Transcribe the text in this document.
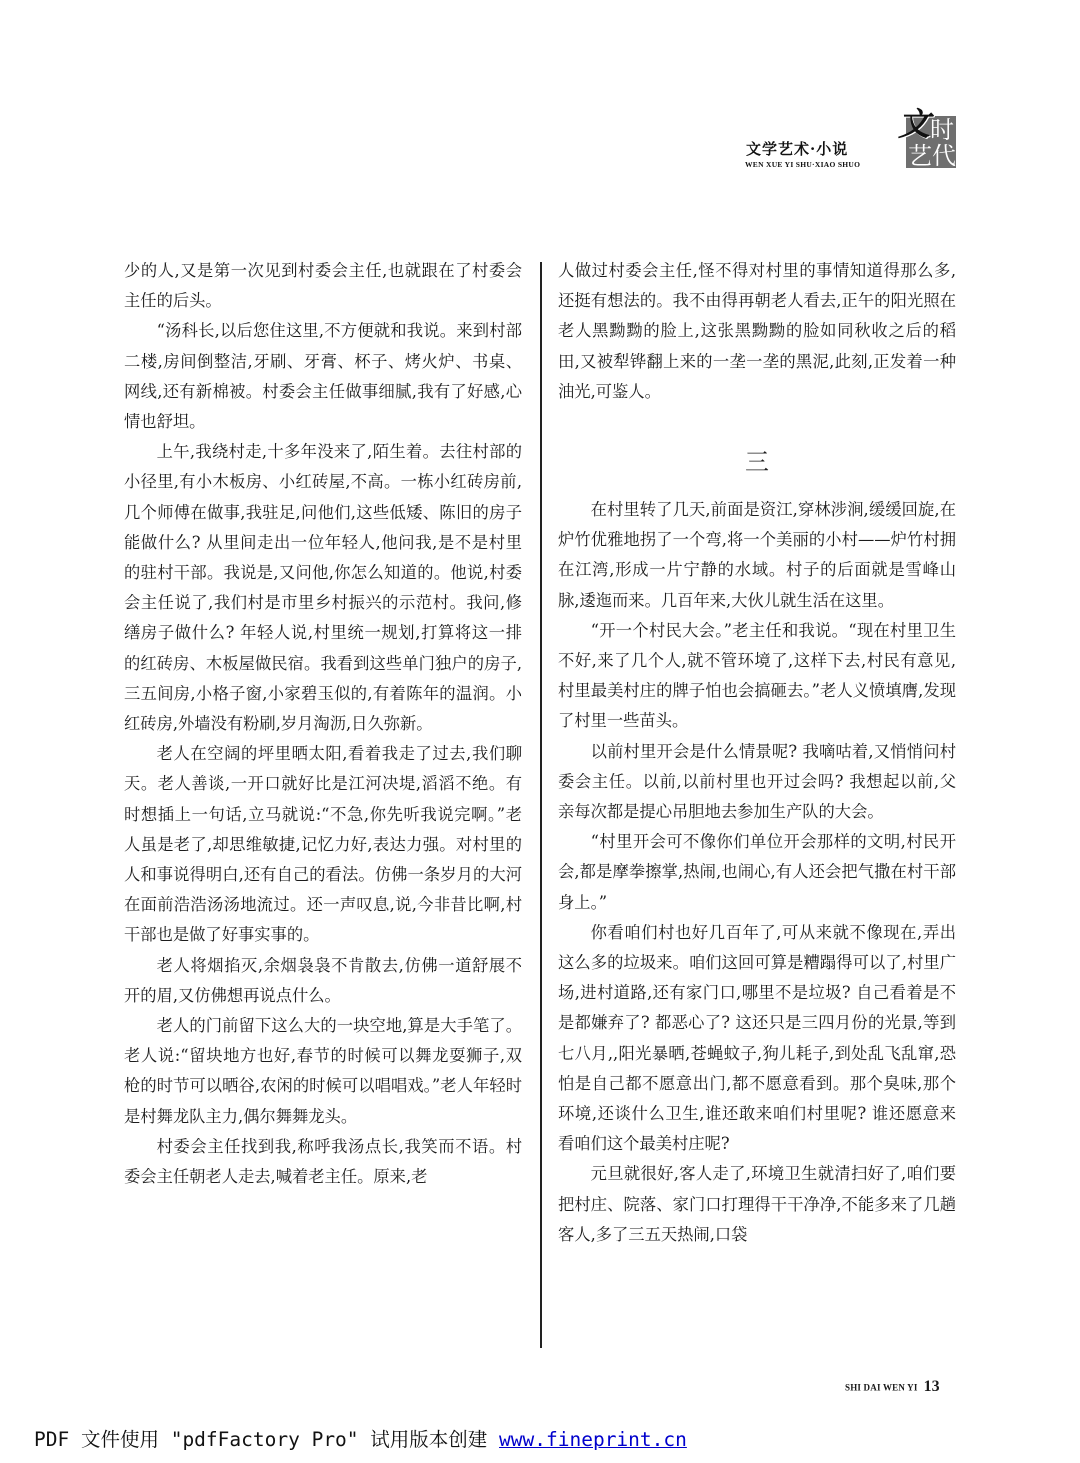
文学艺术·小说
WEN XUE YI SHU·XIAO SHUO
文 时
艺 代

少的人,又是第一次见到村委会主任,也就跟在了村委会主任的后头。

“汤科长,以后您住这里,不方便就和我说。来到村部二楼,房间倒整洁,牙刷、牙膏、杯子、烤火炉、书桌、网线,还有新棉被。村委会主任做事细腻,我有了好感,心情也舒坦。

上午,我绕村走,十多年没来了,陌生着。去往村部的小径里,有小木板房、小红砖屋,不高。一栋小红砖房前,几个师傅在做事,我驻足,问他们,这些低矮、陈旧的房子能做什么? 从里间走出一位年轻人,他问我,是不是村里的驻村干部。我说是,又问他,你怎么知道的。他说,村委会主任说了,我们村是市里乡村振兴的示范村。我问,修缮房子做什么? 年轻人说,村里统一规划,打算将这一排的红砖房、木板屋做民宿。我看到这些单门独户的房子,三五间房,小格子窗,小家碧玉似的,有着陈年的温润。小红砖房,外墙没有粉刷,岁月淘沥,日久弥新。

老人在空阔的坪里晒太阳,看着我走了过去,我们聊天。老人善谈,一开口就好比是江河决堤,滔滔不绝。有时想插上一句话,立马就说:“不急,你先听我说完啊。”老人虽是老了,却思维敏捷,记忆力好,表达力强。对村里的人和事说得明白,还有自己的看法。仿佛一条岁月的大河在面前浩浩汤汤地流过。还一声叹息,说,今非昔比啊,村干部也是做了好事实事的。

老人将烟掐灭,余烟袅袅不肯散去,仿佛一道舒展不开的眉,又仿佛想再说点什么。

老人的门前留下这么大的一块空地,算是大手笔了。老人说:“留块地方也好,春节的时候可以舞龙耍狮子,双枪的时节可以晒谷,农闲的时候可以唱唱戏。”老人年轻时是村舞龙队主力,偶尔舞舞龙头。

村委会主任找到我,称呼我汤点长,我笑而不语。村委会主任朝老人走去,喊着老主任。原来,老

人做过村委会主任,怪不得对村里的事情知道得那么多,还挺有想法的。我不由得再朝老人看去,正午的阳光照在老人黑黝黝的脸上,这张黑黝黝的脸如同秋收之后的稻田,又被犁铧翻上来的一垄一垄的黑泥,此刻,正发着一种油光,可鉴人。

三

在村里转了几天,前面是资江,穿林涉涧,缓缓回旋,在炉竹优雅地拐了一个弯,将一个美丽的小村——炉竹村拥在江湾,形成一片宁静的水域。村子的后面就是雪峰山脉,逶迤而来。几百年来,大伙儿就生活在这里。

“开一个村民大会。”老主任和我说。“现在村里卫生不好,来了几个人,就不管环境了,这样下去,村民有意见,村里最美村庄的牌子怕也会搞砸去。”老人义愤填膺,发现了村里一些苗头。

以前村里开会是什么情景呢? 我嘀咕着,又悄悄问村委会主任。以前,以前村里也开过会吗? 我想起以前,父亲每次都是提心吊胆地去参加生产队的大会。

“村里开会可不像你们单位开会那样的文明,村民开会,都是摩拳擦掌,热闹,也闹心,有人还会把气撒在村干部身上。”

你看咱们村也好几百年了,可从来就不像现在,弄出这么多的垃圾来。咱们这回可算是糟蹋得可以了,村里广场,进村道路,还有家门口,哪里不是垃圾? 自己看着是不是都嫌弃了? 都恶心了? 这还只是三四月份的光景,等到七八月,,阳光暴晒,苍蝇蚊子,狗儿耗子,到处乱飞乱窜,恐怕是自己都不愿意出门,都不愿意看到。那个臭味,那个环境,还谈什么卫生,谁还敢来咱们村里呢? 谁还愿意来看咱们这个最美村庄呢?

元旦就很好,客人走了,环境卫生就清扫好了,咱们要把村庄、院落、家门口打理得干干净净,不能多来了几趟客人,多了三五天热闹,口袋

SHI DAI WEN YI 13
PDF 文件使用 "pdfFactory Pro" 试用版本创建 www.fineprint.cn
